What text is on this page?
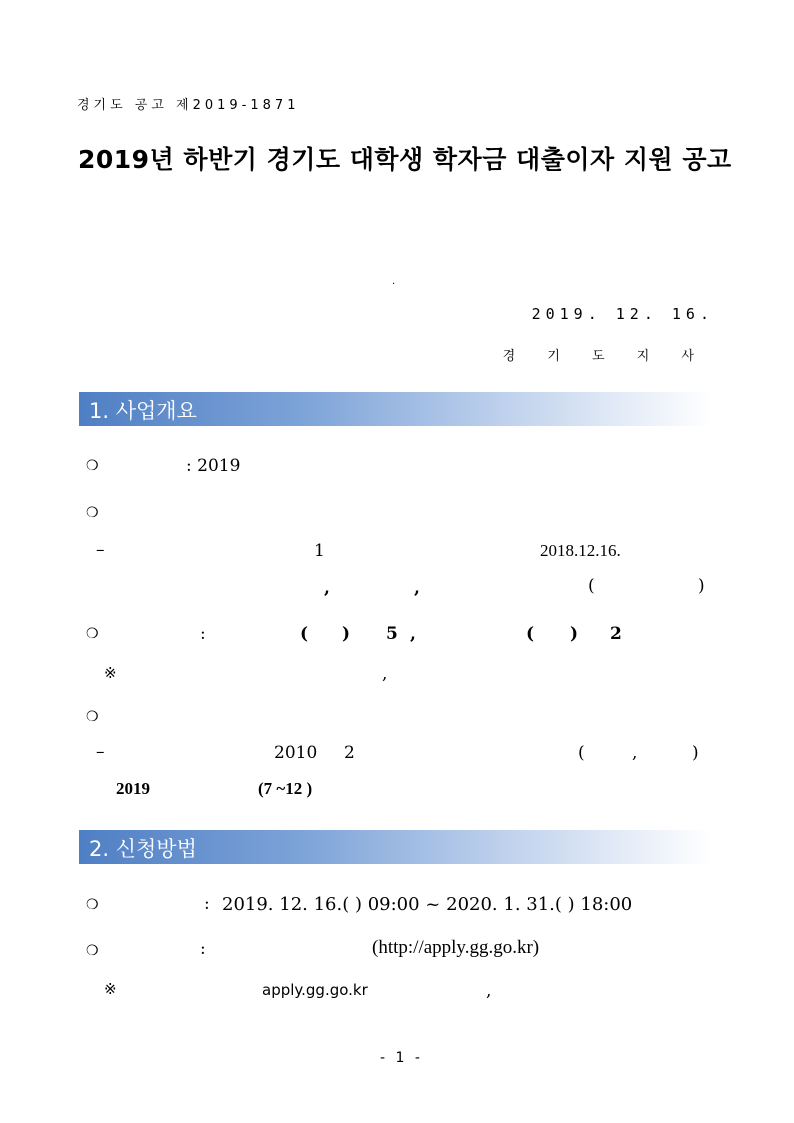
경기도 공고 제2019-1871
2019년 하반기 경기도 대학생 학자금 대출이자 지원 공고
.
2019. 12. 16.
경 기 도 지 사
1. 사업개요
❍	: 2019
❍
–	1	2018.12.16.
,	,	(	)
❍	:	( ) 5 ,	( ) 2
※	,
❍
–	2010 2	(	,	)
2019	(7 ~12 )
2. 신청방법
❍	: 2019. 12. 16.( ) 09:00 ~ 2020. 1. 31.( ) 18:00
❍	:	(http://apply.gg.go.kr)
※	apply.gg.go.kr	,
- 1 -
